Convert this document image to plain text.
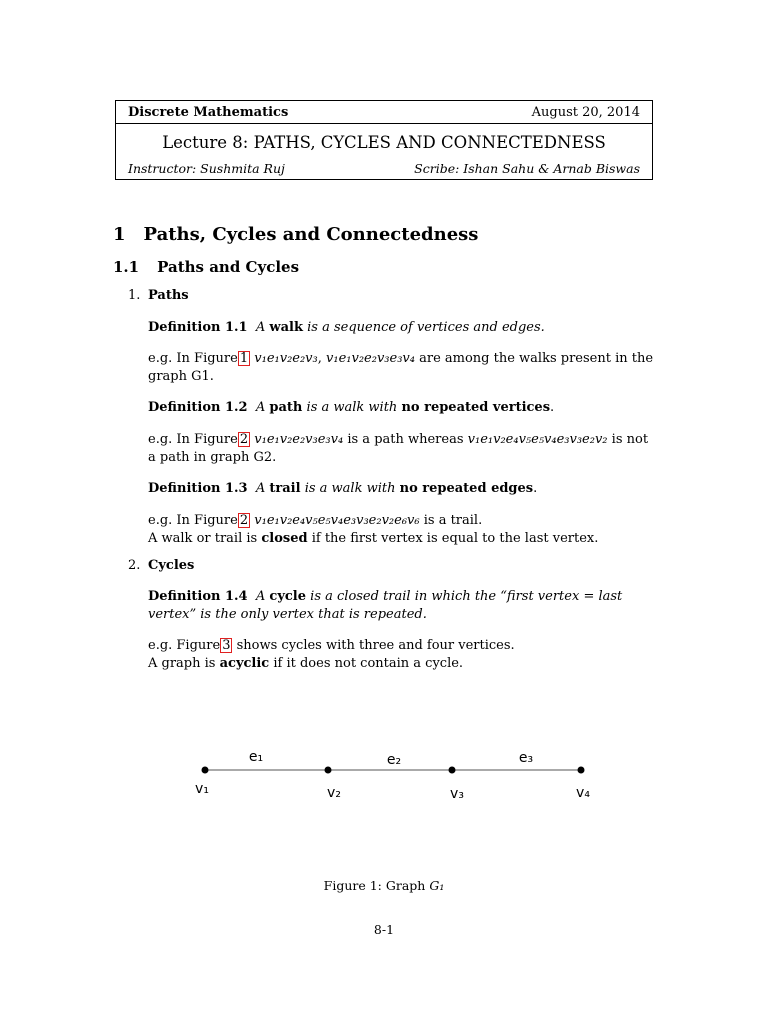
Discrete Mathematics	August 20, 2014
Lecture 8: PATHS, CYCLES AND CONNECTEDNESS
Instructor: Sushmita Ruj	Scribe: Ishan Sahu & Arnab Biswas
1 Paths, Cycles and Connectedness
1.1 Paths and Cycles
1. Paths
Definition 1.1 A walk is a sequence of vertices and edges.
e.g. In Figure 1 v₁e₁v₂e₂v₃, v₁e₁v₂e₂v₃e₃v₄ are among the walks present in the graph G1.
Definition 1.2 A path is a walk with no repeated vertices.
e.g. In Figure 2 v₁e₁v₂e₂v₃e₃v₄ is a path whereas v₁e₁v₂e₄v₅e₅v₄e₃v₃e₂v₂ is not a path in graph G2.
Definition 1.3 A trail is a walk with no repeated edges.
e.g. In Figure 2 v₁e₁v₂e₄v₅e₅v₄e₃v₃e₂v₂e₆v₆ is a trail.
A walk or trail is closed if the first vertex is equal to the last vertex.
2. Cycles
Definition 1.4 A cycle is a closed trail in which the “first vertex = last vertex” is the only vertex that is repeated.
e.g. Figure 3 shows cycles with three and four vertices.
A graph is acyclic if it does not contain a cycle.
e₁	e₂	e₃
v₁	v₂	v₃	v₄
Figure 1: Graph G₁
8-1
